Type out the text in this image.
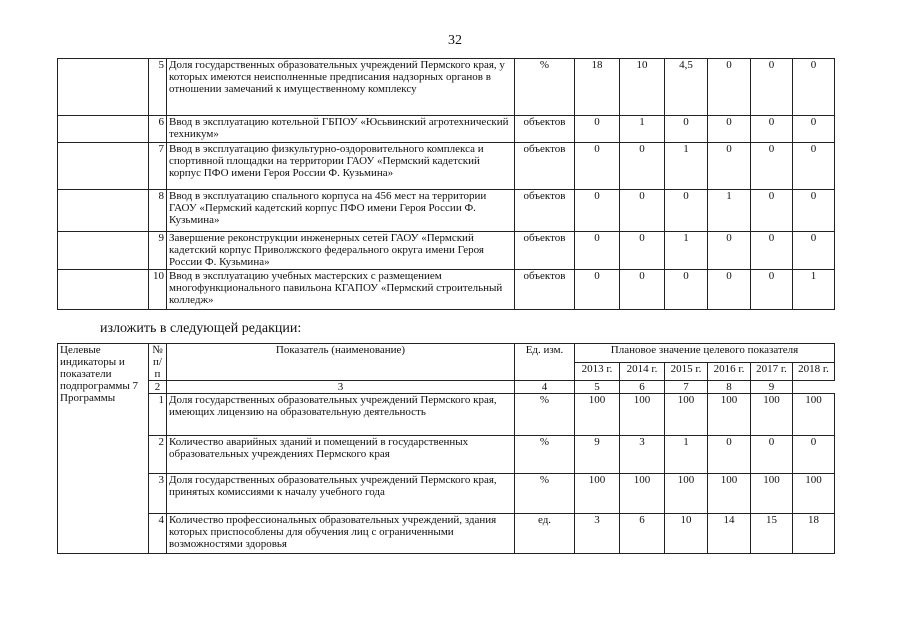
32
	5	Доля государственных образовательных учреждений Пермского края, у которых имеются неисполненные предписания надзорных органов в отношении замечаний к имущественному комплексу	%	18	10	4,5	0	0	0
	6	Ввод в эксплуатацию котельной ГБПОУ «Юсьвинский агротехнический техникум»	объектов	0	1	0	0	0	0
	7	Ввод в эксплуатацию физкультурно-оздоровительного комплекса и спортивной площадки на территории ГАОУ «Пермский кадетский корпус ПФО имени Героя России Ф. Кузьмина»	объектов	0	0	1	0	0	0
	8	Ввод в эксплуатацию спального корпуса на 456 мест на территории ГАОУ «Пермский кадетский корпус ПФО имени Героя России Ф. Кузьмина»	объектов	0	0	0	1	0	0
	9	Завершение реконструкции инженерных сетей ГАОУ «Пермский кадетский корпус Приволжского федерального округа имени Героя России Ф. Кузьмина»	объектов	0	0	1	0	0	0
	10	Ввод в эксплуатацию учебных мастерских с размещением многофункционального павильона КГАПОУ «Пермский строительный колледж»	объектов	0	0	0	0	0	1
изложить в следующей редакции:
Целевые индикаторы и показатели подпрограммы 7 Программы	№ п/п	Показатель (наименование)	Ед. изм.	Плановое значение целевого показателя					
				2013 г.	2014 г.	2015 г.	2016 г.	2017 г.	2018 г.
	2	3	4	5	6	7	8	9	
	1	Доля государственных образовательных учреждений Пермского края, имеющих лицензию на образовательную деятельность	%	100	100	100	100	100	100
	2	Количество аварийных зданий и помещений в государственных образовательных учреждениях Пермского края	%	9	3	1	0	0	0
	3	Доля государственных образовательных учреждений Пермского края, принятых комиссиями к началу учебного года	%	100	100	100	100	100	100
	4	Количество профессиональных образовательных учреждений, здания которых приспособлены для обучения лиц с ограниченными возможностями здоровья	ед.	3	6	10	14	15	18
